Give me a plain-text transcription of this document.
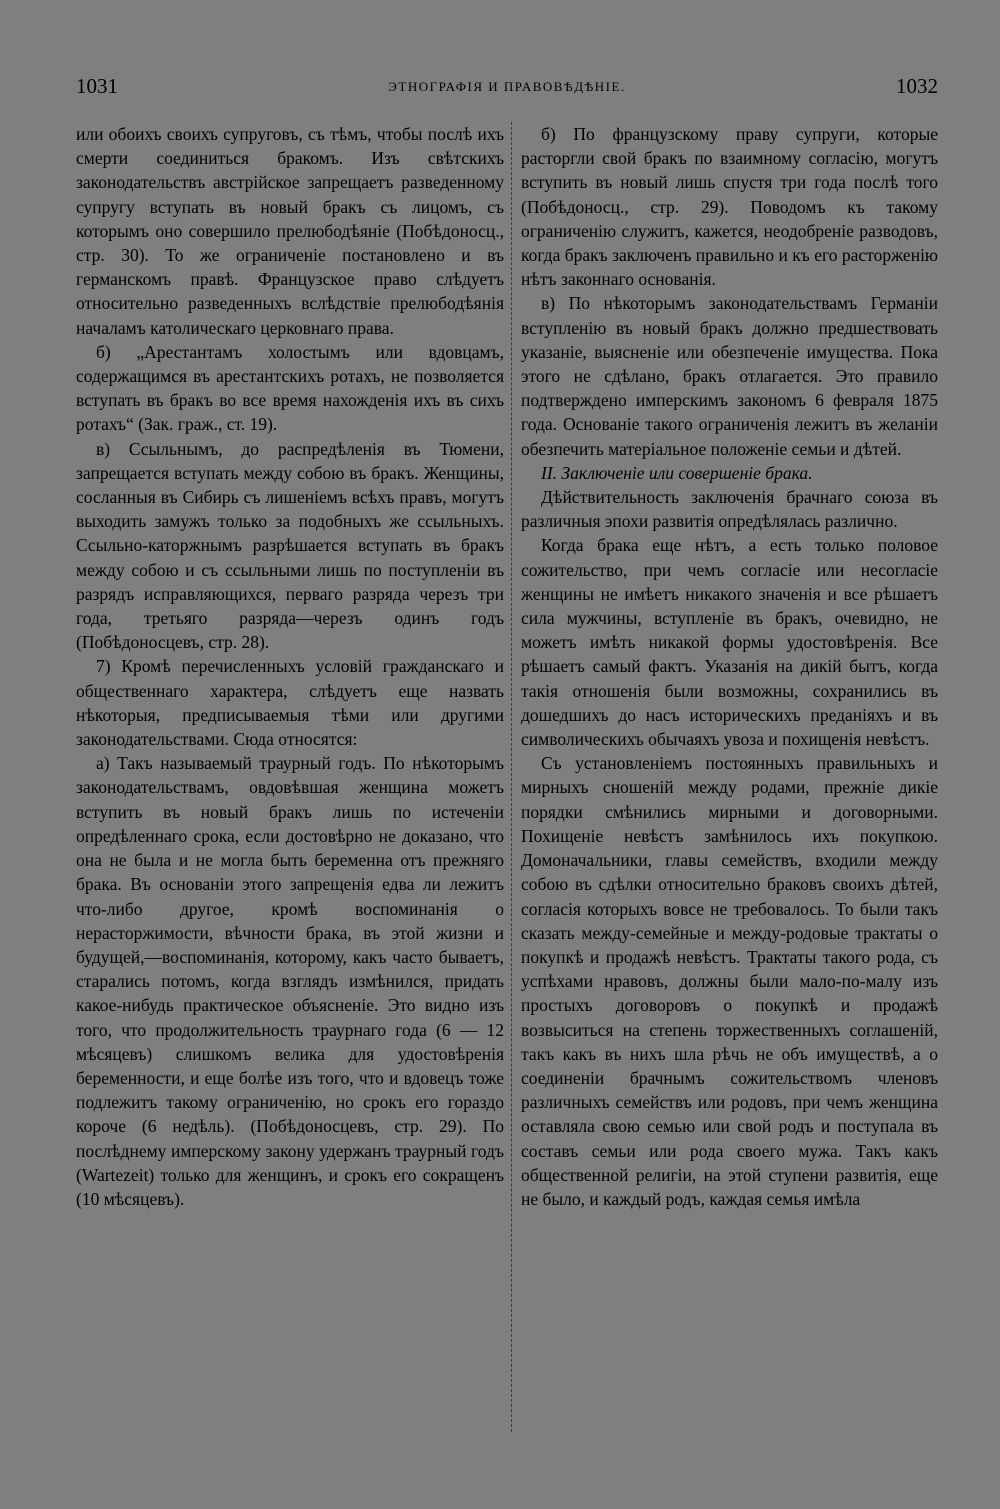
1031	ЭТНОГРАФІЯ И ПРАВОВѢДѢНІЕ.	1032

или обоихъ своихъ супруговъ, съ тѣмъ, чтобы послѣ ихъ смерти соединиться бракомъ. Изъ свѣтскихъ законодательствъ австрійское запрещаетъ разведенному супругу вступать въ новый бракъ съ лицомъ, съ которымъ оно совершило прелюбодѣяніе (Побѣдоносц., стр. 30). То же ограниченіе постановлено и въ германскомъ правѣ. Французское право слѣдуетъ относительно разведенныхъ вслѣдствіе прелюбодѣянія началамъ католическаго церковнаго права.

б) „Арестантамъ холостымъ или вдовцамъ, содержащимся въ арестантскихъ ротахъ, не позволяется вступать въ бракъ во все время нахожденія ихъ въ сихъ ротахъ“ (Зак. граж., ст. 19).

в) Ссыльнымъ, до распредѣленія въ Тюмени, запрещается вступать между собою въ бракъ. Женщины, сосланныя въ Сибирь съ лишеніемъ всѣхъ правъ, могутъ выходить замужъ только за подобныхъ же ссыльныхъ. Ссыльно-каторжнымъ разрѣшается вступать въ бракъ между собою и съ ссыльными лишь по поступленіи въ разрядъ исправляющихся, перваго разряда черезъ три года, третьяго разряда—черезъ одинъ годъ (Побѣдоносцевъ, стр. 28).

7) Кромѣ перечисленныхъ условій гражданскаго и общественнаго характера, слѣдуетъ еще назвать нѣкоторыя, предписываемыя тѣми или другими законодательствами. Сюда относятся:

а) Такъ называемый траурный годъ. По нѣкоторымъ законодательствамъ, овдовѣвшая женщина можетъ вступить въ новый бракъ лишь по истеченіи опредѣленнаго срока, если достовѣрно не доказано, что она не была и не могла быть беременна отъ прежняго брака. Въ основаніи этого запрещенія едва ли лежитъ что-либо другое, кромѣ воспоминанія о нерасторжимости, вѣчности брака, въ этой жизни и будущей,—воспоминанія, которому, какъ часто бываетъ, старались потомъ, когда взглядъ измѣнился, придать какое-нибудь практическое объясненіе. Это видно изъ того, что продолжительность траурнаго года (6 — 12 мѣсяцевъ) слишкомъ велика для удостовѣренія беременности, и еще болѣе изъ того, что и вдовецъ тоже подлежитъ такому ограниченію, но срокъ его гораздо короче (6 недѣль). (Побѣдоносцевъ, стр. 29). По послѣднему имперскому закону удержанъ траурный годъ (Wartezeit) только для женщинъ, и срокъ его сокращенъ (10 мѣсяцевъ).

б) По французскому праву супруги, которые расторгли свой бракъ по взаимному согласію, могутъ вступить въ новый лишь спустя три года послѣ того (Побѣдоносц., стр. 29). Поводомъ къ такому ограниченію служитъ, кажется, неодобреніе разводовъ, когда бракъ заключенъ правильно и къ его расторженію нѣтъ законнаго основанія.

в) По нѣкоторымъ законодательствамъ Германіи вступленію въ новый бракъ должно предшествовать указаніе, выясненіе или обезпеченіе имущества. Пока этого не сдѣлано, бракъ отлагается. Это правило подтверждено имперскимъ закономъ 6 февраля 1875 года. Основаніе такого ограниченія лежитъ въ желаніи обезпечить матеріальное положеніе семьи и дѣтей.

II. Заключеніе или совершеніе брака.

Дѣйствительность заключенія брачнаго союза въ различныя эпохи развитія опредѣлялась различно.

Когда брака еще нѣтъ, а есть только половое сожительство, при чемъ согласіе или несогласіе женщины не имѣетъ никакого значенія и все рѣшаетъ сила мужчины, вступленіе въ бракъ, очевидно, не можетъ имѣть никакой формы удостовѣренія. Все рѣшаетъ самый фактъ. Указанія на дикій бытъ, когда такія отношенія были возможны, сохранились въ дошедшихъ до насъ историческихъ преданіяхъ и въ символическихъ обычаяхъ увоза и похищенія невѣстъ.

Съ установленіемъ постоянныхъ правильныхъ и мирныхъ сношеній между родами, прежніе дикіе порядки смѣнились мирными и договорными. Похищеніе невѣстъ замѣнилось ихъ покупкою. Домоначальники, главы семействъ, входили между собою въ сдѣлки относительно браковъ своихъ дѣтей, согласія которыхъ вовсе не требовалось. То были такъ сказать между-семейные и между-родовые трактаты о покупкѣ и продажѣ невѣстъ. Трактаты такого рода, съ успѣхами нравовъ, должны были мало-по-малу изъ простыхъ договоровъ о покупкѣ и продажѣ возвыситься на степень торжественныхъ соглашеній, такъ какъ въ нихъ шла рѣчь не объ имуществѣ, а о соединеніи брачнымъ сожительствомъ членовъ различныхъ семействъ или родовъ, при чемъ женщина оставляла свою семью или свой родъ и поступала въ составъ семьи или рода своего мужа. Такъ какъ общественной религіи, на этой ступени развитія, еще не было, и каждый родъ, каждая семья имѣла
